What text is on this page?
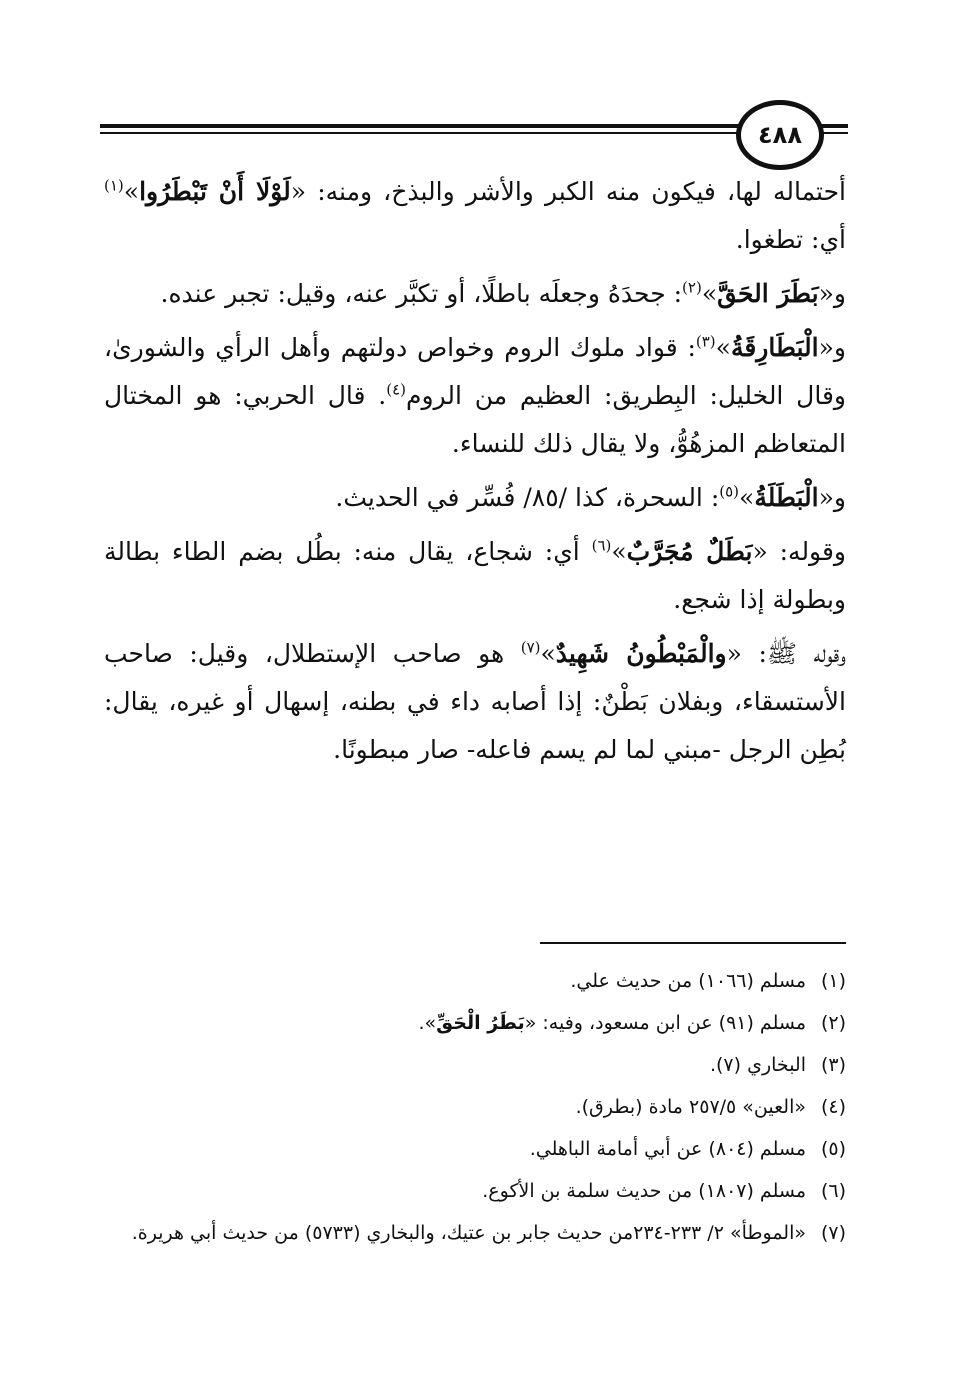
٤٨٨

أحتماله لها، فيكون منه الكبر والأشر والبذخ، ومنه: «لَوْلَا أَنْ تَبْطَرُوا»$^{(١)}$ أي: تطغوا.

و«بَطَرَ الحَقَّ»$^{(٢)}$: جحدَهُ وجعلَه باطلًا، أو تكبَّر عنه، وقيل: تجبر عنده.

و«الْبَطَارِقَةُ»$^{(٣)}$: قواد ملوك الروم وخواص دولتهم وأهل الرأي والشورىٰ، وقال الخليل: البِطريق: العظيم من الروم$^{(٤)}$. قال الحربي: هو المختال المتعاظم المزهُوُّ، ولا يقال ذلك للنساء.

و«الْبَطَلَةُ»$^{(٥)}$: السحرة، كذا /٨٥/ فُسِّر في الحديث.

وقوله: «بَطَلٌ مُجَرَّبٌ»$^{(٦)}$ أي: شجاع، يقال منه: بطُل بضم الطاء بطالة وبطولة إذا شجع.

وقوله ﷺ: «والْمَبْطُونُ شَهِيدٌ»$^{(٧)}$ هو صاحب الإستطلال، وقيل: صاحب الأستسقاء، وبفلان بَطْنٌ: إذا أصابه داء في بطنه، إسهال أو غيره، يقال: بُطِن الرجل -مبني لما لم يسم فاعله- صار مبطونًا.

(١)
مسلم (١٠٦٦) من حديث علي.
(٢)
مسلم (٩١) عن ابن مسعود، وفيه: «بَطَرُ الْحَقِّ».
(٣)
البخاري (٧).
(٤)
«العين» ٢٥٧/٥ مادة (بطرق).
(٥)
مسلم (٨٠٤) عن أبي أمامة الباهلي.
(٦)
مسلم (١٨٠٧) من حديث سلمة بن الأكوع.
(٧)
«الموطأ» ٢/ ٢٣٣-٢٣٤من حديث جابر بن عتيك، والبخاري (٥٧٣٣) من حديث أبي هريرة.
